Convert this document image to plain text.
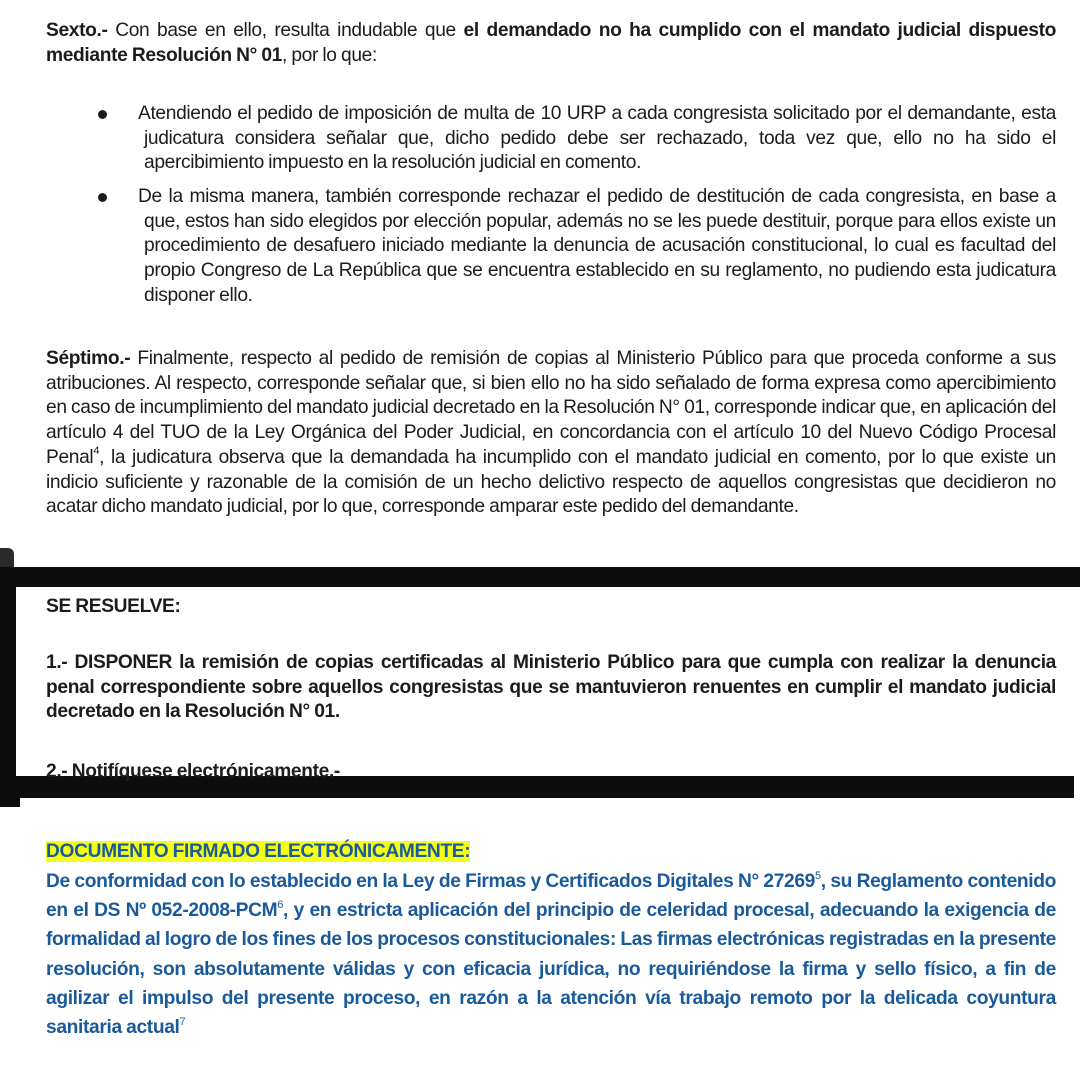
Sexto.- Con base en ello, resulta indudable que el demandado no ha cumplido con el mandato judicial dispuesto mediante Resolución N° 01, por lo que:
Atendiendo el pedido de imposición de multa de 10 URP a cada congresista solicitado por el demandante, esta judicatura considera señalar que, dicho pedido debe ser rechazado, toda vez que, ello no ha sido el apercibimiento impuesto en la resolución judicial en comento.
De la misma manera, también corresponde rechazar el pedido de destitución de cada congresista, en base a que, estos han sido elegidos por elección popular, además no se les puede destituir, porque para ellos existe un procedimiento de desafuero iniciado mediante la denuncia de acusación constitucional, lo cual es facultad del propio Congreso de La República que se encuentra establecido en su reglamento, no pudiendo esta judicatura disponer ello.
Séptimo.- Finalmente, respecto al pedido de remisión de copias al Ministerio Público para que proceda conforme a sus atribuciones. Al respecto, corresponde señalar que, si bien ello no ha sido señalado de forma expresa como apercibimiento en caso de incumplimiento del mandato judicial decretado en la Resolución N° 01, corresponde indicar que, en aplicación del artículo 4 del TUO de la Ley Orgánica del Poder Judicial, en concordancia con el artículo 10 del Nuevo Código Procesal Penal$^4$, la judicatura observa que la demandada ha incumplido con el mandato judicial en comento, por lo que existe un indicio suficiente y razonable de la comisión de un hecho delictivo respecto de aquellos congresistas que decidieron no acatar dicho mandato judicial, por lo que, corresponde amparar este pedido del demandante.
SE RESUELVE:
1.- DISPONER la remisión de copias certificadas al Ministerio Público para que cumpla con realizar la denuncia penal correspondiente sobre aquellos congresistas que se mantuvieron renuentes en cumplir el mandato judicial decretado en la Resolución N° 01.
2.- Notifíquese electrónicamente.-
DOCUMENTO FIRMADO ELECTRÓNICAMENTE:
De conformidad con lo establecido en la Ley de Firmas y Certificados Digitales N° 27269$^5$, su Reglamento contenido en el DS Nº 052-2008-PCM$^6$, y en estricta aplicación del principio de celeridad procesal, adecuando la exigencia de formalidad al logro de los fines de los procesos constitucionales: Las firmas electrónicas registradas en la presente resolución, son absolutamente válidas y con eficacia jurídica, no requiriéndose la firma y sello físico, a fin de agilizar el impulso del presente proceso, en razón a la atención vía trabajo remoto por la delicada coyuntura sanitaria actual$^7$
